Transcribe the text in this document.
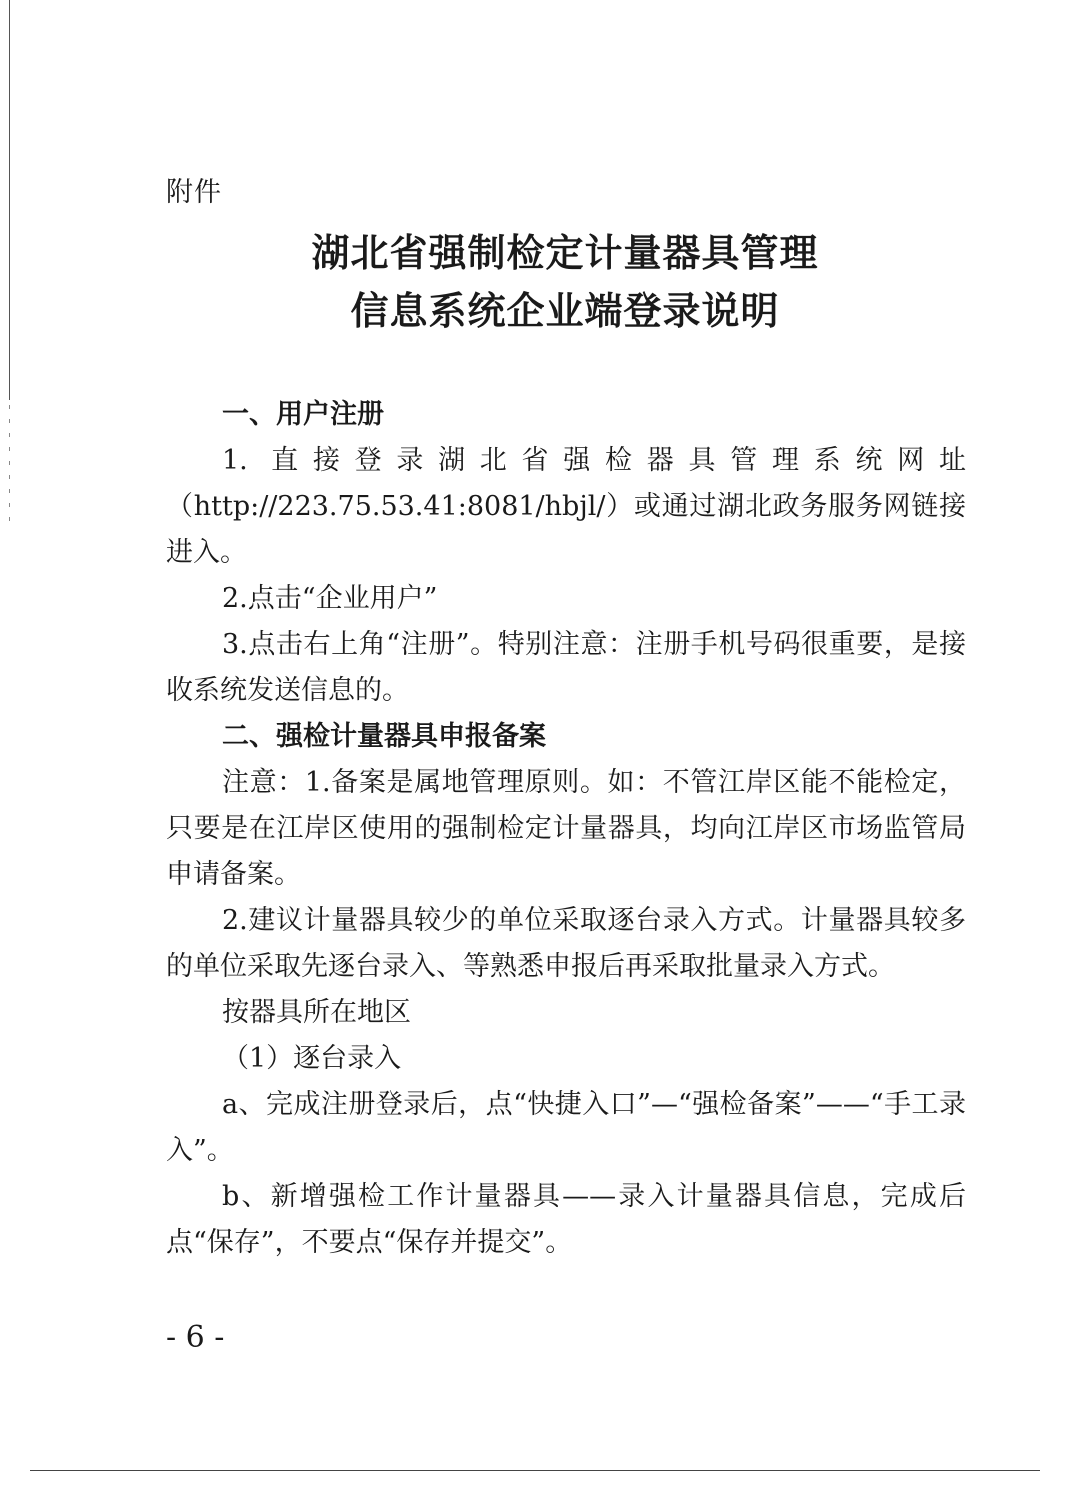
附件
湖北省强制检定计量器具管理
信息系统企业端登录说明

一、用户注册

1. 直接登录湖北省强检器具管理系统网址（http://223.75.53.41:8081/hbjl/）或通过湖北政务服务网链接进入。

2.点击“企业用户”

3.点击右上角“注册”。特别注意：注册手机号码很重要，是接收系统发送信息的。

二、强检计量器具申报备案

注意：1.备案是属地管理原则。如：不管江岸区能不能检定，只要是在江岸区使用的强制检定计量器具，均向江岸区市场监管局申请备案。

2.建议计量器具较少的单位采取逐台录入方式。计量器具较多的单位采取先逐台录入、等熟悉申报后再采取批量录入方式。

按器具所在地区

（1）逐台录入

a、完成注册登录后，点“快捷入口”—“强检备案”——“手工录入”。

b、新增强检工作计量器具——录入计量器具信息，完成后点“保存”，不要点“保存并提交”。

- 6 -
